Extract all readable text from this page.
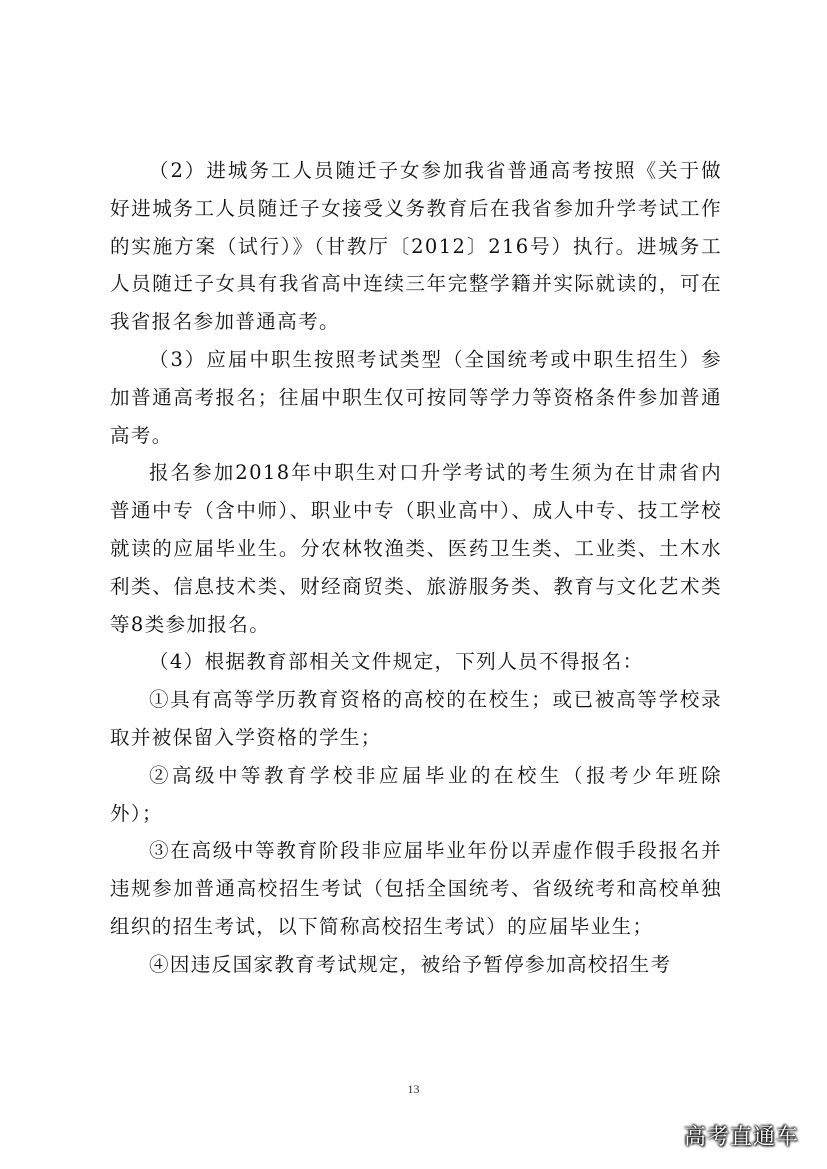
（2）进城务工人员随迁子女参加我省普通高考按照《关于做好进城务工人员随迁子女接受义务教育后在我省参加升学考试工作的实施方案（试行）》（甘教厅〔2012〕216号）执行。进城务工人员随迁子女具有我省高中连续三年完整学籍并实际就读的，可在我省报名参加普通高考。

（3）应届中职生按照考试类型（全国统考或中职生招生）参加普通高考报名；往届中职生仅可按同等学力等资格条件参加普通高考。

报名参加2018年中职生对口升学考试的考生须为在甘肃省内普通中专（含中师）、职业中专（职业高中）、成人中专、技工学校就读的应届毕业生。分农林牧渔类、医药卫生类、工业类、土木水利类、信息技术类、财经商贸类、旅游服务类、教育与文化艺术类等8类参加报名。

（4）根据教育部相关文件规定，下列人员不得报名：

①具有高等学历教育资格的高校的在校生；或已被高等学校录取并被保留入学资格的学生；

②高级中等教育学校非应届毕业的在校生（报考少年班除外）；

③在高级中等教育阶段非应届毕业年份以弄虚作假手段报名并违规参加普通高校招生考试（包括全国统考、省级统考和高校单独组织的招生考试，以下简称高校招生考试）的应届毕业生；

④因违反国家教育考试规定，被给予暂停参加高校招生考

13
高考直通车
